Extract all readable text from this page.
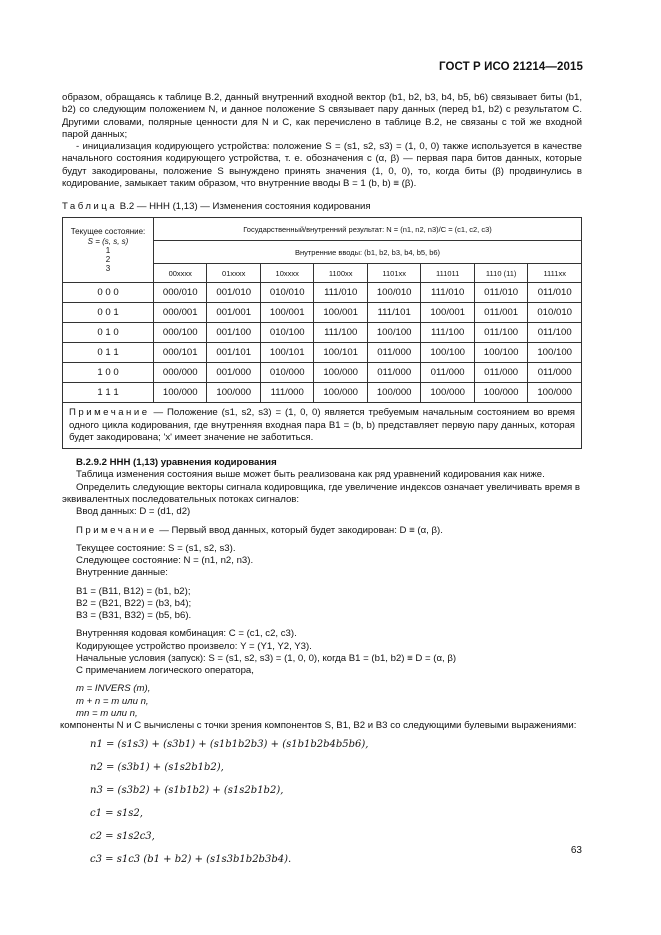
ГОСТ Р ИСО 21214—2015

образом, обращаясь к таблице В.2, данный внутренний входной вектор (b1, b2, b3, b4, b5, b6) связывает биты (b1, b2) со следующим положением N, и данное положение S связывает пару данных (перед b1, b2) с результатом С. Другими словами, полярные ценности для N и С, как перечислено в таблице В.2, не связаны с той же входной парой данных;

- инициализация кодирующего устройства: положение S = (s1, s2, s3) = (1, 0, 0) также используется в качестве начального состояния кодирующего устройства, т. е. обозначения с (α, β) — первая пара битов данных, которые будут закодированы, положение S вынуждено принять значения (1, 0, 0), то, когда биты (β) продвинулись в кодирование, замыкает таким образом, что внутренние вводы В = 1 (b, b) ≡ (β).

Таблица В.2 — ННН (1,13) — Изменения состояния кодирования

Текущее состояние:
S = (s, s, s)
1
2
3	Государственный/внутренний результат: N = (n1, n2, n3)/C = (c1, c2, c3)							
	Внутренние вводы: (b1, b2, b3, b4, b5, b6)							
	00xxxx	01xxxx	10xxxx	1100xx	1101xx	111011	1110 (11)	1111xx
0 0 0	000/010	001/010	010/010	111/010	100/010	111/010	011/010	011/010
0 0 1	000/001	001/001	100/001	100/001	111/101	100/001	011/001	010/010
0 1 0	000/100	001/100	010/100	111/100	100/100	111/100	011/100	011/100
0 1 1	000/101	001/101	100/101	100/101	011/000	100/100	100/100	100/100
1 0 0	000/000	001/000	010/000	100/000	011/000	011/000	011/000	011/000
1 1 1	100/000	100/000	111/000	100/000	100/000	100/000	100/000	100/000
Примечание — Положение (s1, s2, s3) = (1, 0, 0) является требуемым начальным состоянием во время одного цикла кодирования, где внутренняя входная пара B1 = (b, b) представляет первую пару данных, которая будет закодирована; 'x' имеет значение не заботиться.								

В.2.9.2 ННН (1,13) уравнения кодирования

Таблица изменения состояния выше может быть реализована как ряд уравнений кодирования как ниже.

Определить следующие векторы сигнала кодировщика, где увеличение индексов означает увеличивать время в эквивалентных последовательных потоках сигналов:

Ввод данных: D = (d1, d2)

Примечание — Первый ввод данных, который будет закодирован: D ≡ (α, β).

Текущее состояние: S = (s1, s2, s3).

Следующее состояние: N = (n1, n2, n3).

Внутренние данные:

B1 = (B11, B12) = (b1, b2);

B2 = (B21, B22) = (b3, b4);

B3 = (B31, B32) = (b5, b6).

Внутренняя кодовая комбинация: С = (c1, c2, c3).

Кодирующее устройство произвело: Y = (Y1, Y2, Y3).

Начальные условия (запуск): S = (s1, s2, s3) = (1, 0, 0), когда B1 = (b1, b2) ≡ D = (α, β)

С примечанием логического оператора,

m = INVERS (m),

m + n = m или n,

mn = m или n,

компоненты N и С вычислены с точки зрения компонентов S, B1, B2 и B3 со следующими булевыми выражениями:

n1 = (s1s3) + (s3b1) + (s1b1b2b3) + (s1b1b2b4b5b6),

n2 = (s3b1) + (s1s2b1b2),

n3 = (s3b2) + (s1b1b2) + (s1s2b1b2),

c1 = s1s2,

c2 = s1s2c3,

c3 = s1c3 (b1 + b2) + (s1s3b1b2b3b4).

63
